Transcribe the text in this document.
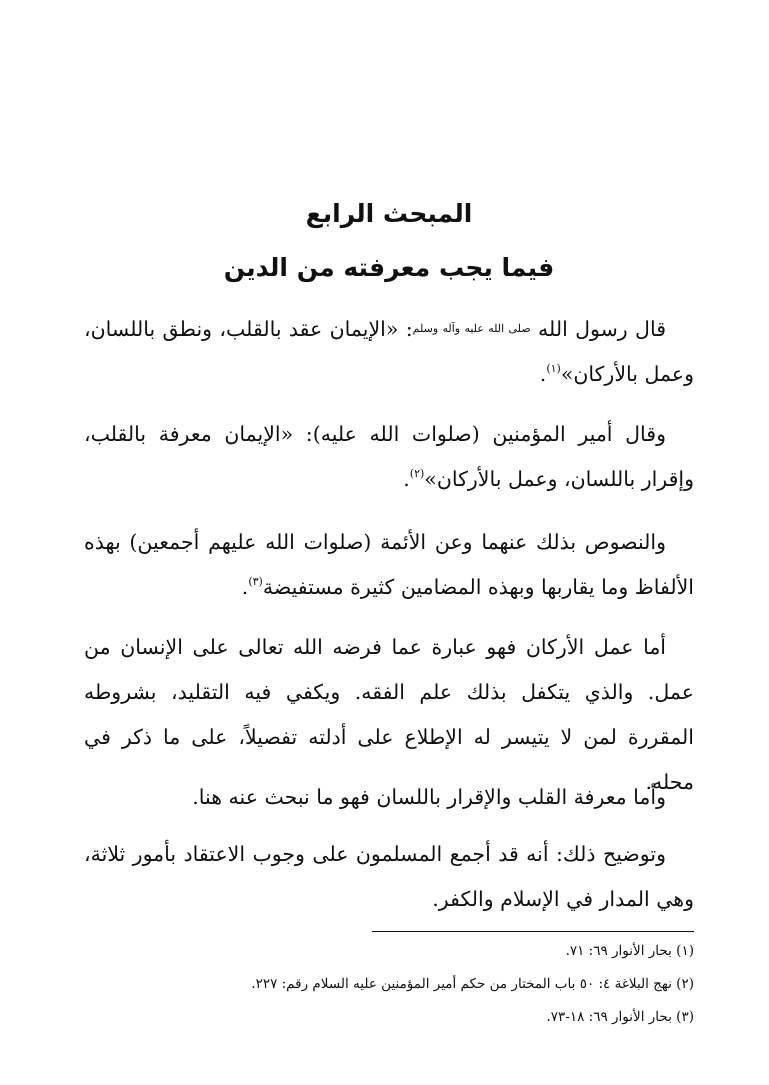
المبحث الرابع
فيما يجب معرفته من الدين

قال رسول الله صلى الله عليه وآله وسلم: «الإيمان عقد بالقلب، ونطق باللسان، وعمل بالأركان»$^{(١)}$.

وقال أمير المؤمنين (صلوات الله عليه): «الإيمان معرفة بالقلب، وإقرار باللسان، وعمل بالأركان»$^{(٢)}$.

والنصوص بذلك عنهما وعن الأئمة (صلوات الله عليهم أجمعين) بهذه الألفاظ وما يقاربها وبهذه المضامين كثيرة مستفيضة$^{(٣)}$.

أما عمل الأركان فهو عبارة عما فرضه الله تعالى على الإنسان من عمل. والذي يتكفل بذلك علم الفقه. ويكفي فيه التقليد، بشروطه المقررة لمن لا يتيسر له الإطلاع على أدلته تفصيلاً، على ما ذكر في محله.

وأما معرفة القلب والإقرار باللسان فهو ما نبحث عنه هنا.

وتوضيح ذلك: أنه قد أجمع المسلمون على وجوب الاعتقاد بأمور ثلاثة، وهي المدار في الإسلام والكفر.

(١) بحار الأنوار ٦٩: ٧١.
(٢) نهج البلاغة ٤: ٥٠ باب المختار من حكم أمير المؤمنين عليه السلام رقم: ٢٢٧.
(٣) بحار الأنوار ٦٩: ١٨-٧٣.
